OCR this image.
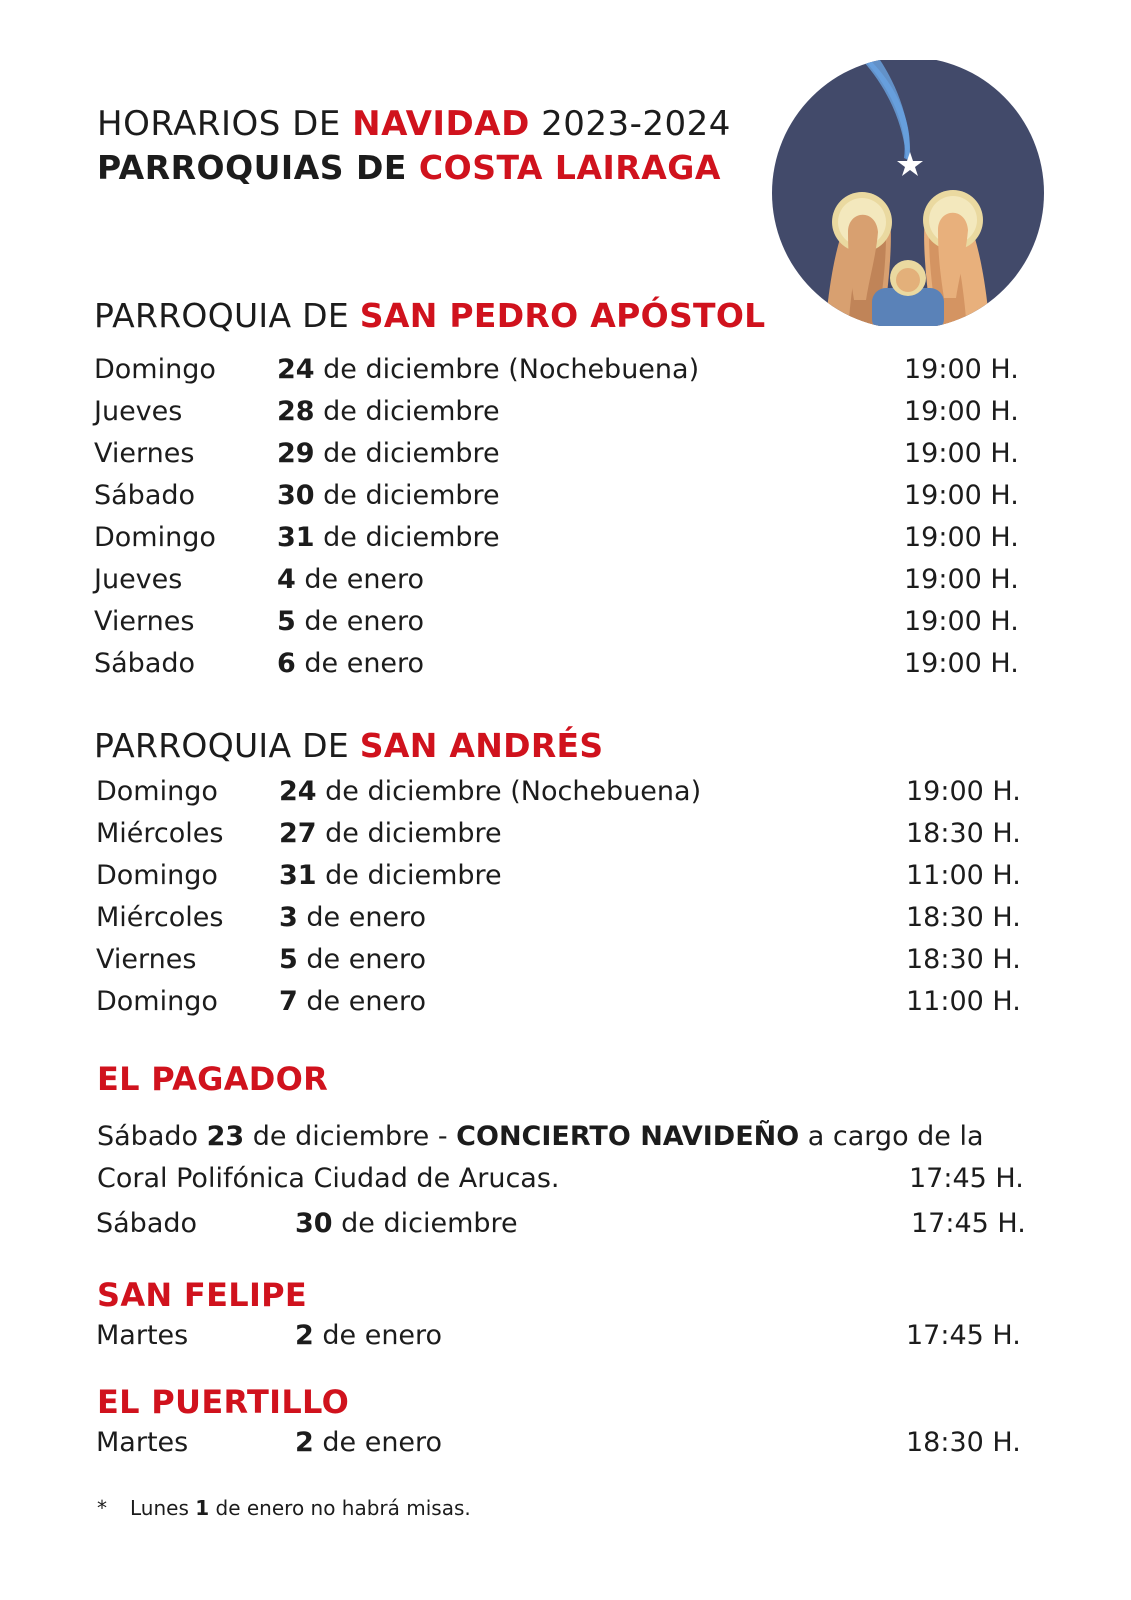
HORARIOS DE NAVIDAD 2023-2024
PARROQUIAS DE COSTA LAIRAGA
PARROQUIA DE SAN PEDRO APÓSTOL
Domingo 24 de diciembre (Nochebuena)	19:00 H.
Jueves	28 de diciembre	19:00 H.
Viernes	29 de diciembre	19:00 H.
Sábado	30 de diciembre	19:00 H.
Domingo 31 de diciembre	19:00 H.
Jueves	4 de enero	19:00 H.
Viernes	5 de enero	19:00 H.
Sábado	6 de enero	19:00 H.
PARROQUIA DE SAN ANDRÉS
Domingo 24 de diciembre (Nochebuena)	19:00 H.
Miércoles 27 de diciembre	18:30 H.
Domingo 31 de diciembre	11:00 H.
Miércoles 3 de enero	18:30 H.
Viernes	5 de enero	18:30 H.
Domingo 7 de enero	11:00 H.
EL PAGADOR
Sábado 23 de diciembre - CONCIERTO NAVIDEÑO a cargo de la
Coral Polifónica Ciudad de Arucas.	17:45 H.
Sábado	30 de diciembre	17:45 H.
SAN FELIPE
Martes	2 de enero	17:45 H.
EL PUERTILLO
Martes	2 de enero	18:30 H.
* Lunes 1 de enero no habrá misas.
